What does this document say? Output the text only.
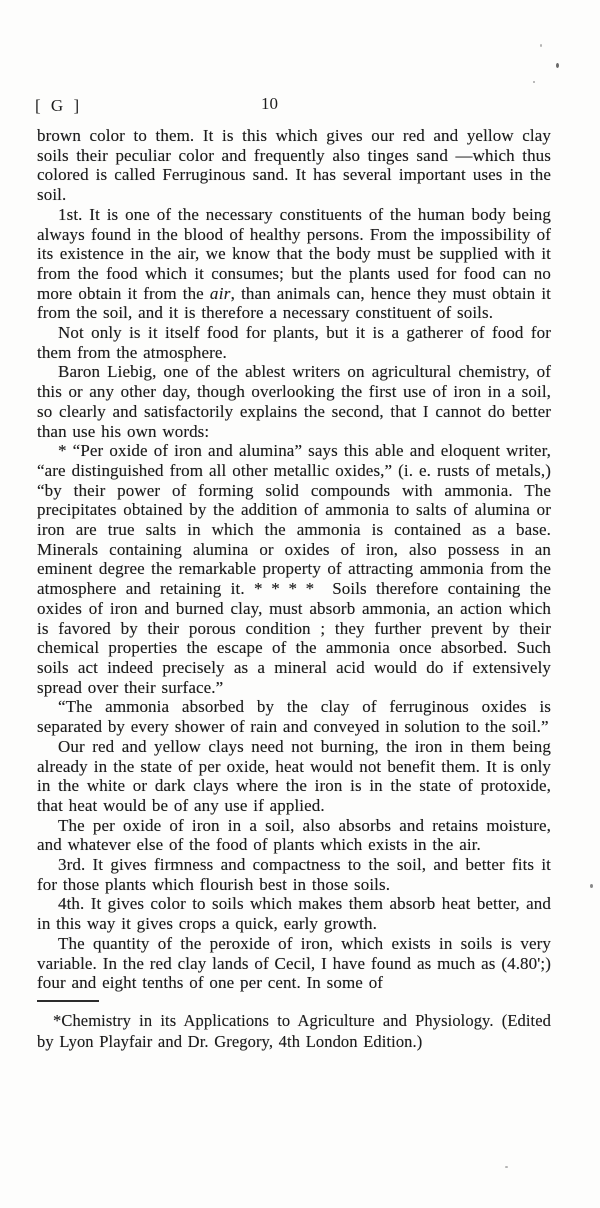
[ G ]	10

brown color to them. It is this which gives our red and yellow clay soils their peculiar color and frequently also tinges sand —which thus colored is called Ferruginous sand. It has several important uses in the soil.

1st. It is one of the necessary constituents of the human body being always found in the blood of healthy persons. From the impossibility of its existence in the air, we know that the body must be supplied with it from the food which it consumes; but the plants used for food can no more obtain it from the air, than animals can, hence they must obtain it from the soil, and it is therefore a necessary constituent of soils.

Not only is it itself food for plants, but it is a gatherer of food for them from the atmosphere.

Baron Liebig, one of the ablest writers on agricultural chemistry, of this or any other day, though overlooking the first use of iron in a soil, so clearly and satisfactorily explains the second, that I cannot do better than use his own words:

* “Per oxide of iron and alumina” says this able and eloquent writer, “are distinguished from all other metallic oxides,” (i. e. rusts of metals,) “by their power of forming solid compounds with ammonia. The precipitates obtained by the addition of ammonia to salts of alumina or iron are true salts in which the ammonia is contained as a base. Minerals containing alumina or oxides of iron, also possess in an eminent degree the remarkable property of attracting ammonia from the atmosphere and retaining it. * * * *  Soils therefore containing the oxides of iron and burned clay, must absorb ammonia, an action which is favored by their porous condition ; they further prevent by their chemical properties the escape of the ammonia once absorbed. Such soils act indeed precisely as a mineral acid would do if extensively spread over their surface.”

“The ammonia absorbed by the clay of ferruginous oxides is separated by every shower of rain and conveyed in solution to the soil.”

Our red and yellow clays need not burning, the iron in them being already in the state of per oxide, heat would not benefit them. It is only in the white or dark clays where the iron is in the state of protoxide, that heat would be of any use if applied.

The per oxide of iron in a soil, also absorbs and retains moisture, and whatever else of the food of plants which exists in the air.

3rd. It gives firmness and compactness to the soil, and better fits it for those plants which flourish best in those soils.

4th. It gives color to soils which makes them absorb heat better, and in this way it gives crops a quick, early growth.

The quantity of the peroxide of iron, which exists in soils is very variable. In the red clay lands of Cecil, I have found as much as (4.80';) four and eight tenths of one per cent. In some of

*Chemistry in its Applications to Agriculture and Physiology. (Edited by Lyon Playfair and Dr. Gregory, 4th London Edition.)
